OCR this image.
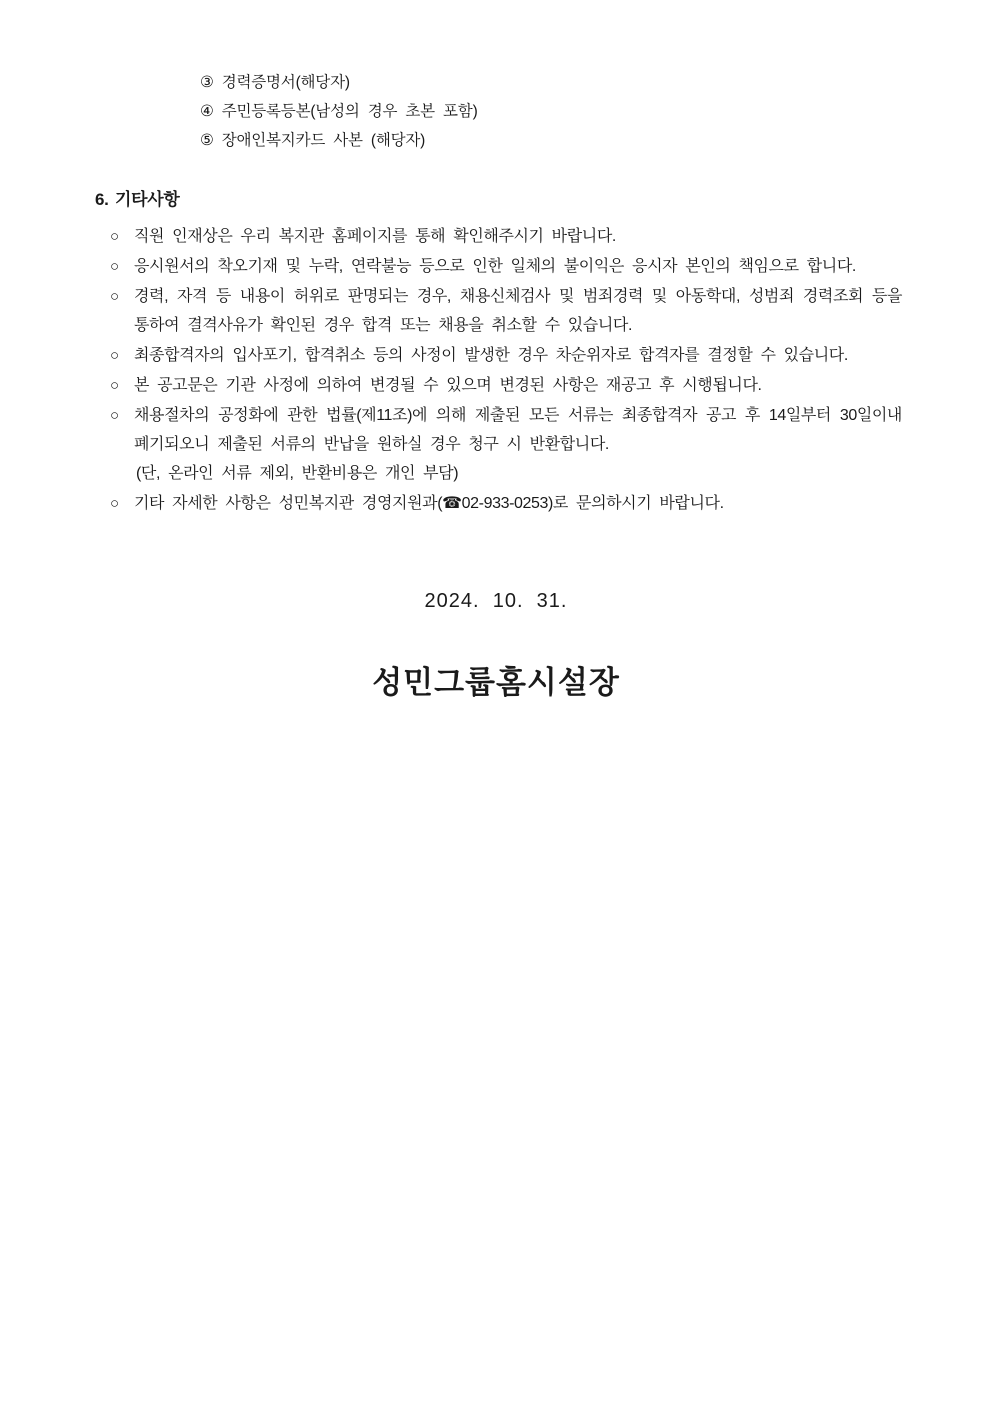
③ 경력증명서(해당자)
④ 주민등록등본(남성의 경우 초본 포함)
⑤ 장애인복지카드 사본 (해당자)
6. 기타사항
○ 직원 인재상은 우리 복지관 홈페이지를 통해 확인해주시기 바랍니다.
○ 응시원서의 착오기재 및 누락, 연락불능 등으로 인한 일체의 불이익은 응시자 본인의 책임으로 합니다.
○ 경력, 자격 등 내용이 허위로 판명되는 경우, 채용신체검사 및 범죄경력 및 아동학대, 성범죄 경력조회 등을 통하여 결격사유가 확인된 경우 합격 또는 채용을 취소할 수 있습니다.
○ 최종합격자의 입사포기, 합격취소 등의 사정이 발생한 경우 차순위자로 합격자를 결정할 수 있습니다.
○ 본 공고문은 기관 사정에 의하여 변경될 수 있으며 변경된 사항은 재공고 후 시행됩니다.
○ 채용절차의 공정화에 관한 법률(제11조)에 의해 제출된 모든 서류는 최종합격자 공고 후 14일부터 30일이내 폐기되오니 제출된 서류의 반납을 원하실 경우 청구 시 반환합니다.
(단, 온라인 서류 제외, 반환비용은 개인 부담)
○ 기타 자세한 사항은 성민복지관 경영지원과(☎02-933-0253)로 문의하시기 바랍니다.
2024.  10.  31.
성민그룹홈시설장
